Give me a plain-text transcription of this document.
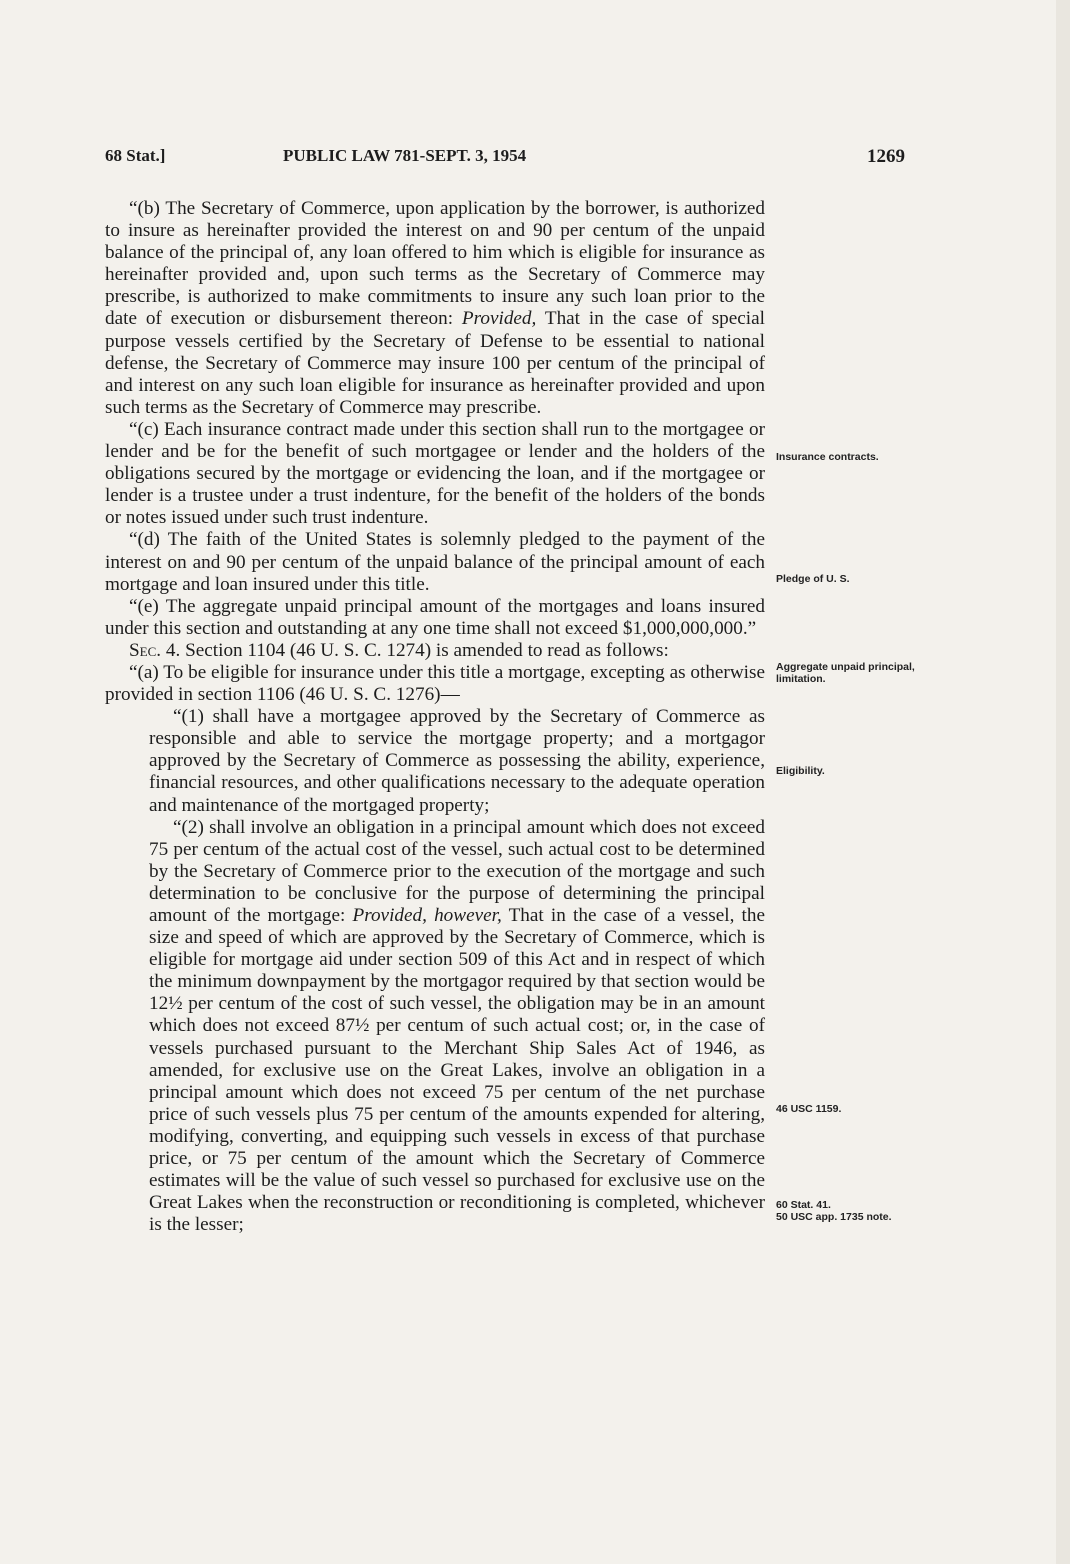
68 Stat.]	PUBLIC LAW 781-SEPT. 3, 1954	1269

“(b) The Secretary of Commerce, upon application by the borrower, is authorized to insure as hereinafter provided the interest on and 90 per centum of the unpaid balance of the principal of, any loan offered to him which is eligible for insurance as hereinafter provided and, upon such terms as the Secretary of Commerce may prescribe, is authorized to make commitments to insure any such loan prior to the date of execution or disbursement thereon: Provided, That in the case of special purpose vessels certified by the Secretary of Defense to be essential to national defense, the Secretary of Commerce may insure 100 per centum of the principal of and interest on any such loan eligible for insurance as hereinafter provided and upon such terms as the Secretary of Commerce may prescribe.

“(c) Each insurance contract made under this section shall run to the mortgagee or lender and be for the benefit of such mortgagee or lender and the holders of the obligations secured by the mortgage or evidencing the loan, and if the mortgagee or lender is a trustee under a trust indenture, for the benefit of the holders of the bonds or notes issued under such trust indenture.

“(d) The faith of the United States is solemnly pledged to the payment of the interest on and 90 per centum of the unpaid balance of the principal amount of each mortgage and loan insured under this title.

“(e) The aggregate unpaid principal amount of the mortgages and loans insured under this section and outstanding at any one time shall not exceed $1,000,000,000.”

Sec. 4. Section 1104 (46 U. S. C. 1274) is amended to read as follows:

“(a) To be eligible for insurance under this title a mortgage, excepting as otherwise provided in section 1106 (46 U. S. C. 1276)—

“(1) shall have a mortgagee approved by the Secretary of Commerce as responsible and able to service the mortgage property; and a mortgagor approved by the Secretary of Commerce as possessing the ability, experience, financial resources, and other qualifications necessary to the adequate operation and maintenance of the mortgaged property;

“(2) shall involve an obligation in a principal amount which does not exceed 75 per centum of the actual cost of the vessel, such actual cost to be determined by the Secretary of Commerce prior to the execution of the mortgage and such determination to be conclusive for the purpose of determining the principal amount of the mortgage: Provided, however, That in the case of a vessel, the size and speed of which are approved by the Secretary of Commerce, which is eligible for mortgage aid under section 509 of this Act and in respect of which the minimum downpayment by the mortgagor required by that section would be 12½ per centum of the cost of such vessel, the obligation may be in an amount which does not exceed 87½ per centum of such actual cost; or, in the case of vessels purchased pursuant to the Merchant Ship Sales Act of 1946, as amended, for exclusive use on the Great Lakes, involve an obligation in a principal amount which does not exceed 75 per centum of the net purchase price of such vessels plus 75 per centum of the amounts expended for altering, modifying, converting, and equipping such vessels in excess of that purchase price, or 75 per centum of the amount which the Secretary of Commerce estimates will be the value of such vessel so purchased for exclusive use on the Great Lakes when the reconstruction or reconditioning is completed, whichever is the lesser;

Insurance contracts.
Pledge of U. S.
Aggregate unpaid principal, limitation.
Eligibility.
46 USC 1159.
60 Stat. 41.
50 USC app. 1735 note.
